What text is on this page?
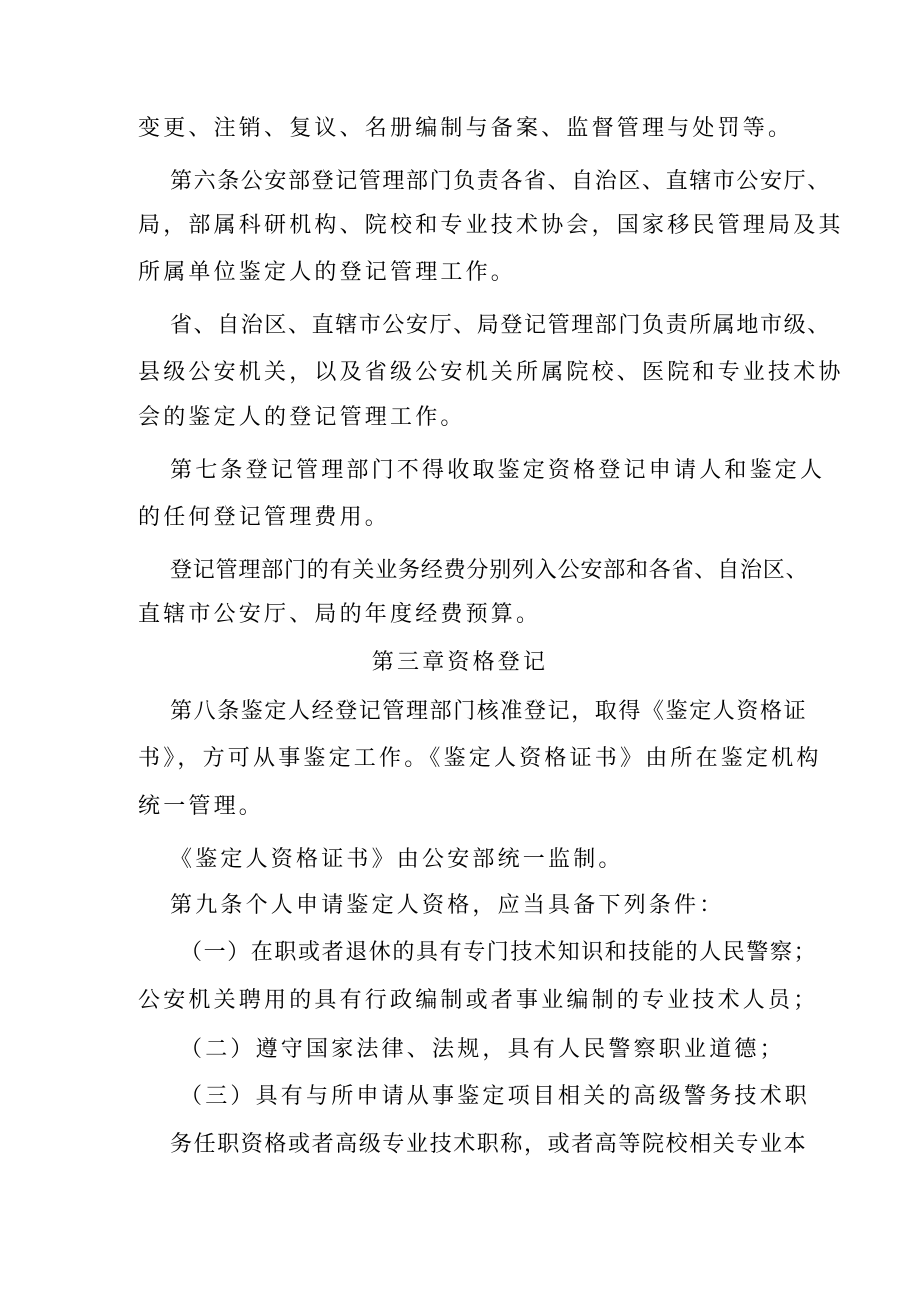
变更、注销、复议、名册编制与备案、监督管理与处罚等。
第六条公安部登记管理部门负责各省、自治区、直辖市公安厅、
局，部属科研机构、院校和专业技术协会，国家移民管理局及其
所属单位鉴定人的登记管理工作。
省、自治区、直辖市公安厅、局登记管理部门负责所属地市级、
县级公安机关，以及省级公安机关所属院校、医院和专业技术协
会的鉴定人的登记管理工作。
第七条登记管理部门不得收取鉴定资格登记申请人和鉴定人
的任何登记管理费用。
登记管理部门的有关业务经费分别列入公安部和各省、自治区、
直辖市公安厅、局的年度经费预算。
第三章资格登记
第八条鉴定人经登记管理部门核准登记，取得《鉴定人资格证
书》，方可从事鉴定工作。《鉴定人资格证书》由所在鉴定机构
统一管理。
《鉴定人资格证书》由公安部统一监制。
第九条个人申请鉴定人资格，应当具备下列条件：
（一）在职或者退休的具有专门技术知识和技能的人民警察；
公安机关聘用的具有行政编制或者事业编制的专业技术人员；
（二）遵守国家法律、法规，具有人民警察职业道德；
（三）具有与所申请从事鉴定项目相关的高级警务技术职
务任职资格或者高级专业技术职称，或者高等院校相关专业本
